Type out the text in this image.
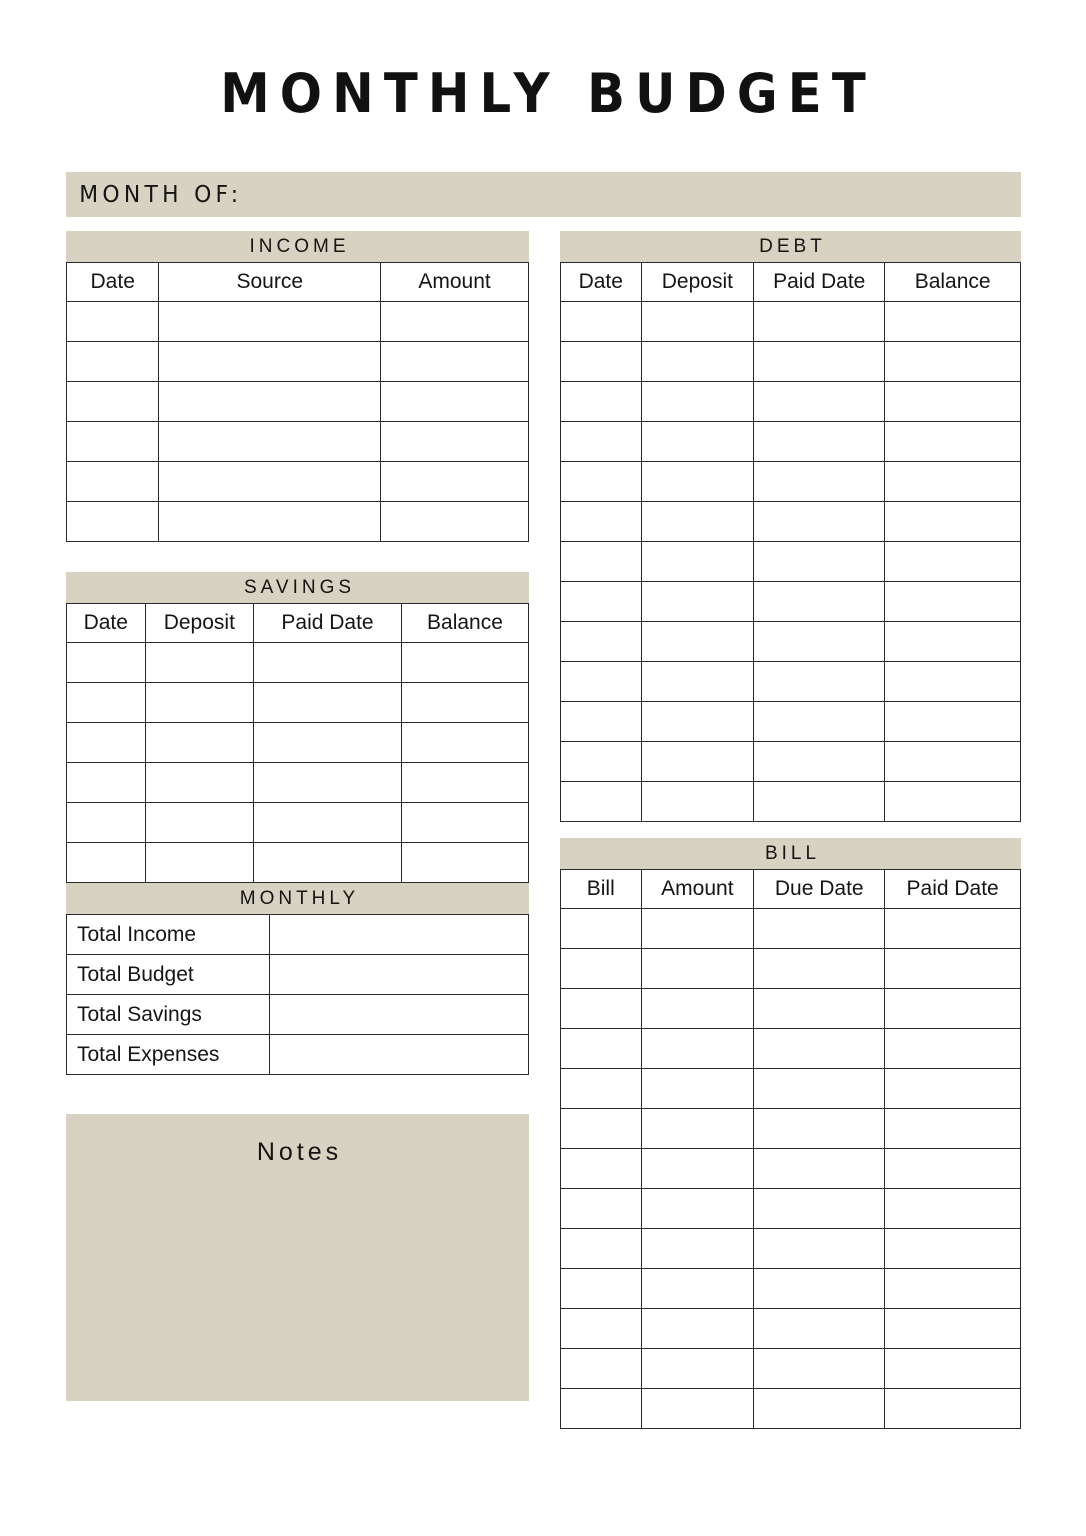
MONTHLY BUDGET
MONTH OF:
INCOME
Date	Source	Amount

SAVINGS
Date	Deposit	Paid Date	Balance

MONTHLY
Total Income	
Total Budget	
Total Savings	
Total Expenses	
Notes
DEBT
Date	Deposit	Paid Date	Balance

BILL
Bill	Amount	Due Date	Paid Date
